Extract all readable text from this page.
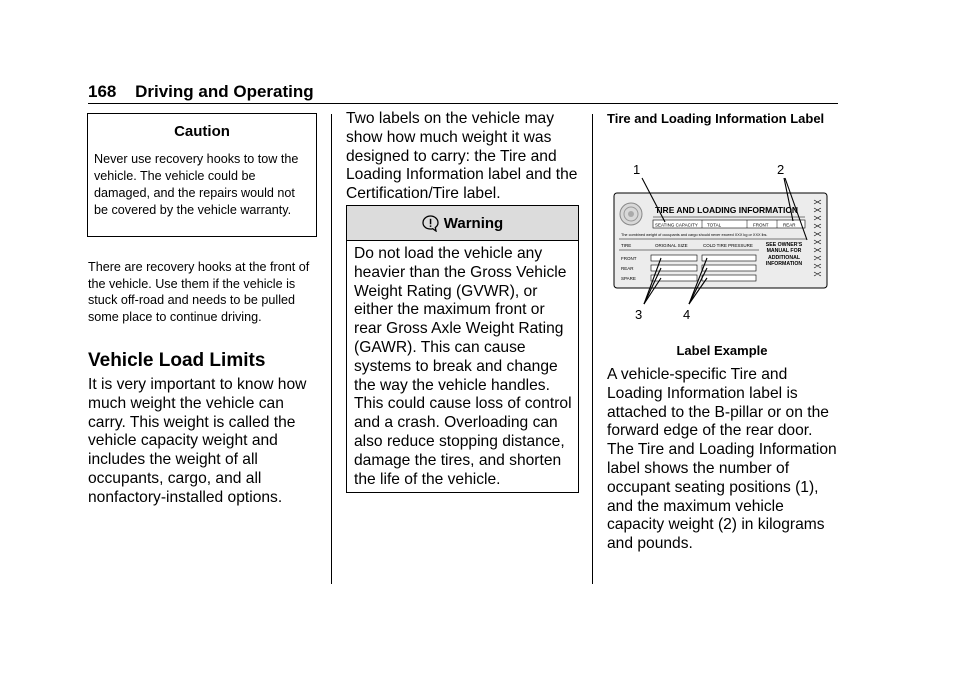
168 Driving and Operating
Caution
Never use recovery hooks to tow the vehicle. The vehicle could be damaged, and the repairs would not be covered by the vehicle warranty.
There are recovery hooks at the front of the vehicle. Use them if the vehicle is stuck off-road and needs to be pulled some place to continue driving.
Vehicle Load Limits
It is very important to know how much weight the vehicle can carry. This weight is called the vehicle capacity weight and includes the weight of all occupants, cargo, and all nonfactory-installed options.
Two labels on the vehicle may show how much weight it was designed to carry: the Tire and Loading Information label and the Certification/Tire label.
Warning
Do not load the vehicle any heavier than the Gross Vehicle Weight Rating (GVWR), or either the maximum front or rear Gross Axle Weight Rating (GAWR). This can cause systems to break and change the way the vehicle handles. This could cause loss of control and a crash. Overloading can also reduce stopping distance, damage the tires, and shorten the life of the vehicle.
Tire and Loading Information Label
TIRE AND LOADING INFORMATION
SEATING CAPACITY TOTAL	FRONT	REAR
The combined weight of occupants and cargo should never exceed XXX kg or XXX lbs.
TIRE	ORIGINAL SIZE	COLD TIRE PRESSURE
FRONT
REAR
SPARE
SEE OWNER'S MANUAL FOR ADDITIONAL INFORMATION
1	2
3	4
Label Example
A vehicle-specific Tire and Loading Information label is attached to the B-pillar or on the forward edge of the rear door. The Tire and Loading Information label shows the number of occupant seating positions (1), and the maximum vehicle capacity weight (2) in kilograms and pounds.
